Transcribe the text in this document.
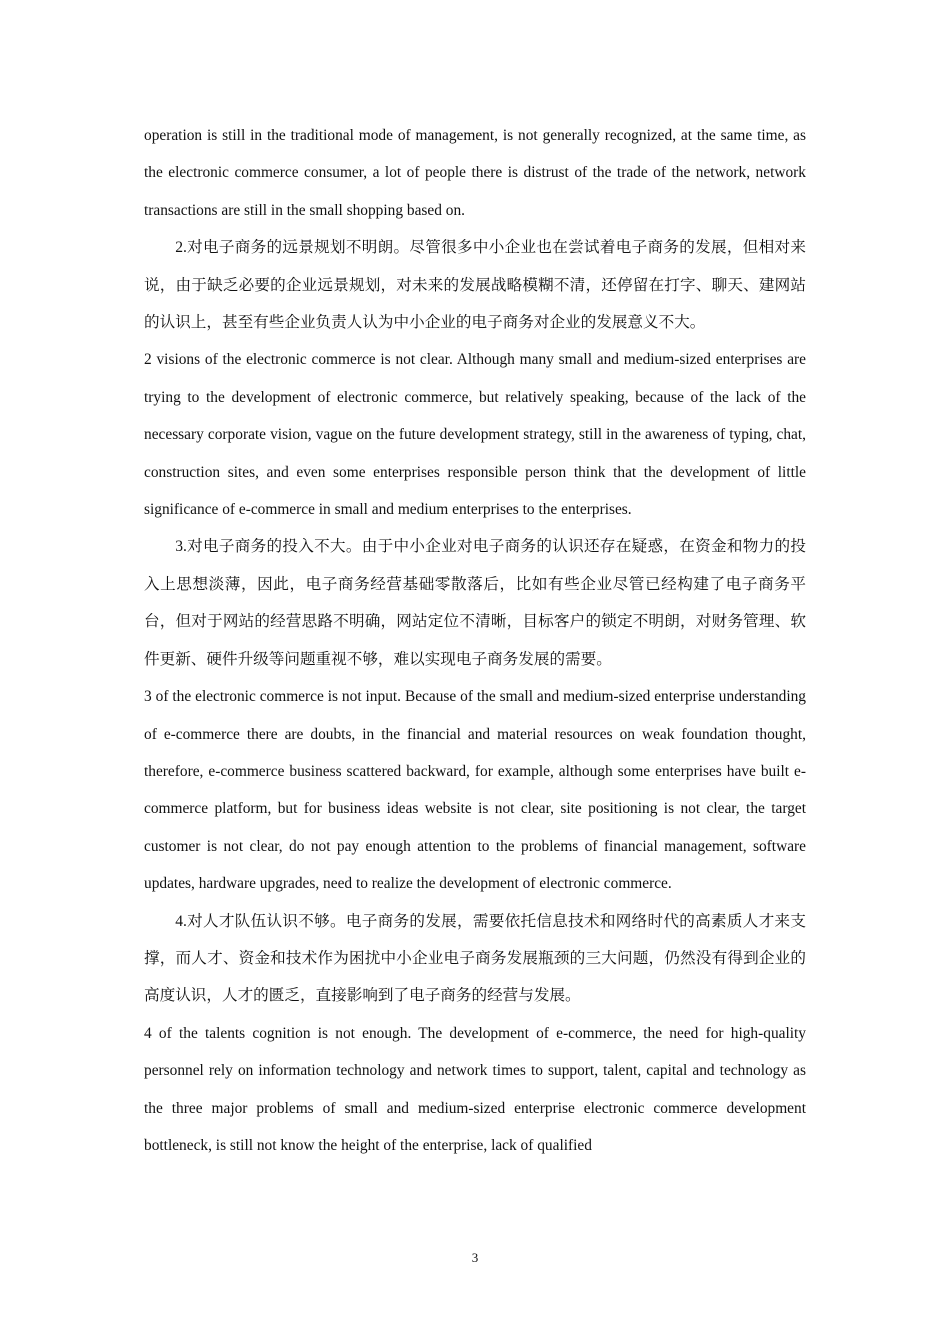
operation is still in the traditional mode of management, is not generally recognized, at the same time, as the electronic commerce consumer, a lot of people there is distrust of the trade of the network, network transactions are still in the small shopping based on.

2.对电子商务的远景规划不明朗。尽管很多中小企业也在尝试着电子商务的发展，但相对来说，由于缺乏必要的企业远景规划，对未来的发展战略模糊不清，还停留在打字、聊天、建网站的认识上，甚至有些企业负责人认为中小企业的电子商务对企业的发展意义不大。

2 visions of the electronic commerce is not clear. Although many small and medium-sized enterprises are trying to the development of electronic commerce, but relatively speaking, because of the lack of the necessary corporate vision, vague on the future development strategy, still in the awareness of typing, chat, construction sites, and even some enterprises responsible person think that the development of little significance of e-commerce in small and medium enterprises to the enterprises.

3.对电子商务的投入不大。由于中小企业对电子商务的认识还存在疑惑，在资金和物力的投入上思想淡薄，因此，电子商务经营基础零散落后，比如有些企业尽管已经构建了电子商务平台，但对于网站的经营思路不明确，网站定位不清晰，目标客户的锁定不明朗，对财务管理、软件更新、硬件升级等问题重视不够，难以实现电子商务发展的需要。

3 of the electronic commerce is not input. Because of the small and medium-sized enterprise understanding of e-commerce there are doubts, in the financial and material resources on weak foundation thought, therefore, e-commerce business scattered backward, for example, although some enterprises have built e-commerce platform, but for business ideas website is not clear, site positioning is not clear, the target customer is not clear, do not pay enough attention to the problems of financial management, software updates, hardware upgrades, need to realize the development of electronic commerce.

4.对人才队伍认识不够。电子商务的发展，需要依托信息技术和网络时代的高素质人才来支撑，而人才、资金和技术作为困扰中小企业电子商务发展瓶颈的三大问题，仍然没有得到企业的高度认识，人才的匮乏，直接影响到了电子商务的经营与发展。

4 of the talents cognition is not enough. The development of e-commerce, the need for high-quality personnel rely on information technology and network times to support, talent, capital and technology as the three major problems of small and medium-sized enterprise electronic commerce development bottleneck, is still not know the height of the enterprise, lack of qualified

3
